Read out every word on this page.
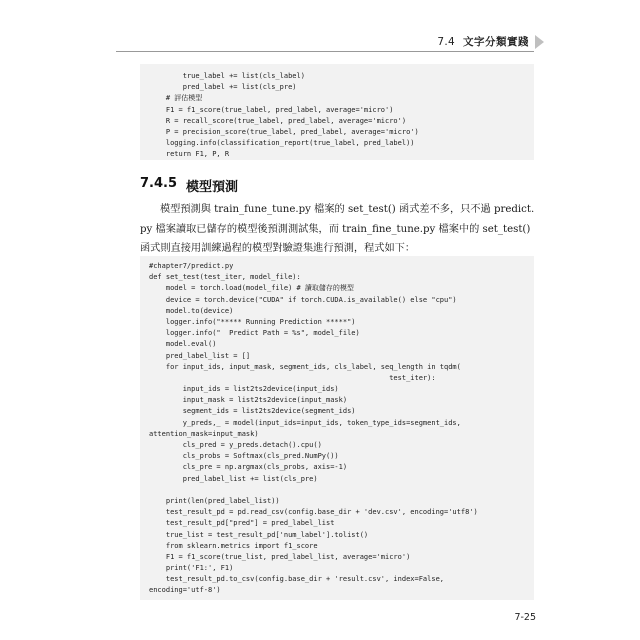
7.4 文字分類實踐
true_label += list(cls_label)
pred_label += list(cls_pre)
# 評估模型
F1 = f1_score(true_label, pred_label, average='micro')
R = recall_score(true_label, pred_label, average='micro')
P = precision_score(true_label, pred_label, average='micro')
logging.info(classification_report(true_label, pred_label))
return F1, P, R
7.4.5 模型預測
模型預測與 train_fune_tune.py 檔案的 set_test() 函式差不多，只不過 predict.
py 檔案讀取已儲存的模型後預測測試集，而 train_fine_tune.py 檔案中的 set_test()
函式則直接用訓練過程的模型對驗證集進行預測，程式如下：
#chapter7/predict.py
def set_test(test_iter, model_file):
model = torch.load(model_file) # 讀取儲存的模型
device = torch.device("CUDA" if torch.CUDA.is_available() else "cpu")
model.to(device)
logger.info("***** Running Prediction *****")
logger.info("  Predict Path = %s", model_file)
model.eval()
pred_label_list = []
for input_ids, input_mask, segment_ids, cls_label, seq_length in tqdm(
test_iter):
input_ids = list2ts2device(input_ids)
input_mask = list2ts2device(input_mask)
segment_ids = list2ts2device(segment_ids)
y_preds,_ = model(input_ids=input_ids, token_type_ids=segment_ids,
attention_mask=input_mask)
cls_pred = y_preds.detach().cpu()
cls_probs = Softmax(cls_pred.NumPy())
cls_pre = np.argmax(cls_probs, axis=-1)
pred_label_list += list(cls_pre)
print(len(pred_label_list))
test_result_pd = pd.read_csv(config.base_dir + 'dev.csv', encoding='utf8')
test_result_pd["pred"] = pred_label_list
true_list = test_result_pd['num_label'].tolist()
from sklearn.metrics import f1_score
F1 = f1_score(true_list, pred_label_list, average='micro')
print('F1:', F1)
test_result_pd.to_csv(config.base_dir + 'result.csv', index=False,
encoding='utf-8')
7-25
